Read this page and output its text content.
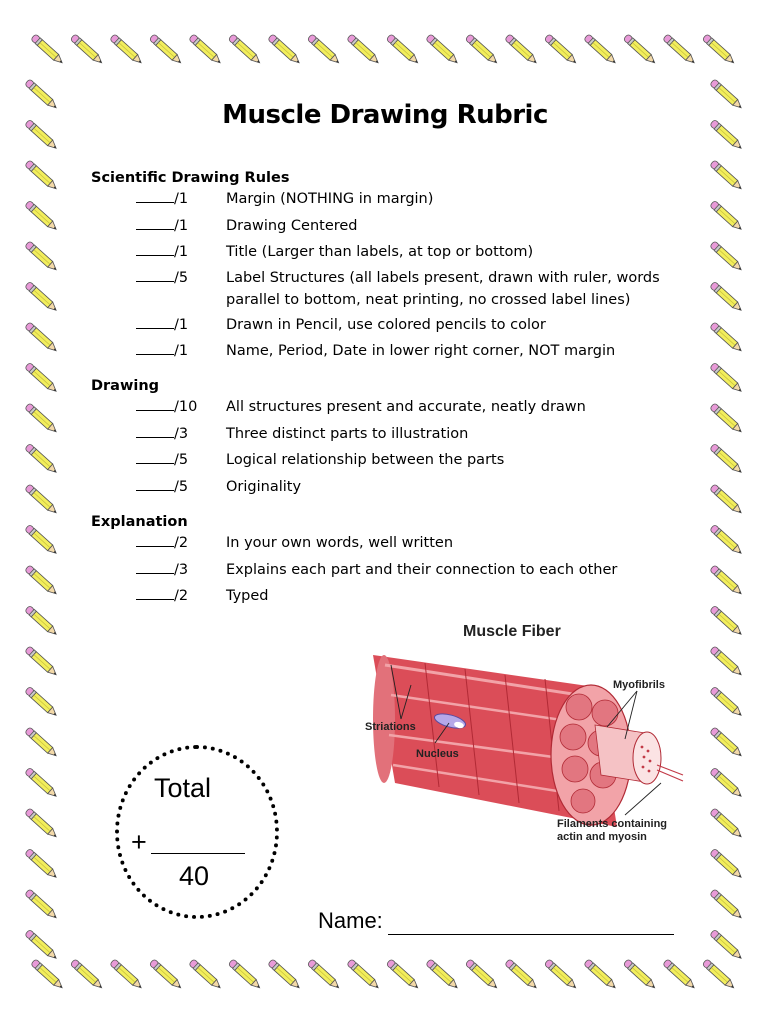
Muscle Drawing Rubric
Scientific Drawing Rules
/1	Margin (NOTHING in margin)
/1	Drawing Centered
/1	Title (Larger than labels, at top or bottom)
/5	Label Structures (all labels present, drawn with ruler, words parallel to bottom, neat printing, no crossed label lines)
/1	Drawn in Pencil, use colored pencils to color
/1	Name, Period, Date in lower right corner, NOT margin
Drawing
/10	All structures present and accurate, neatly drawn
/3	Three distinct parts to illustration
/5	Logical relationship between the parts
/5	Originality
Explanation
/2	In your own words, well written
/3	Explains each part and their connection to each other
/2	Typed
Muscle Fiber
Myofibrils
Striations
Nucleus
Filaments containing
actin and myosin
Total
+
40
Name:
